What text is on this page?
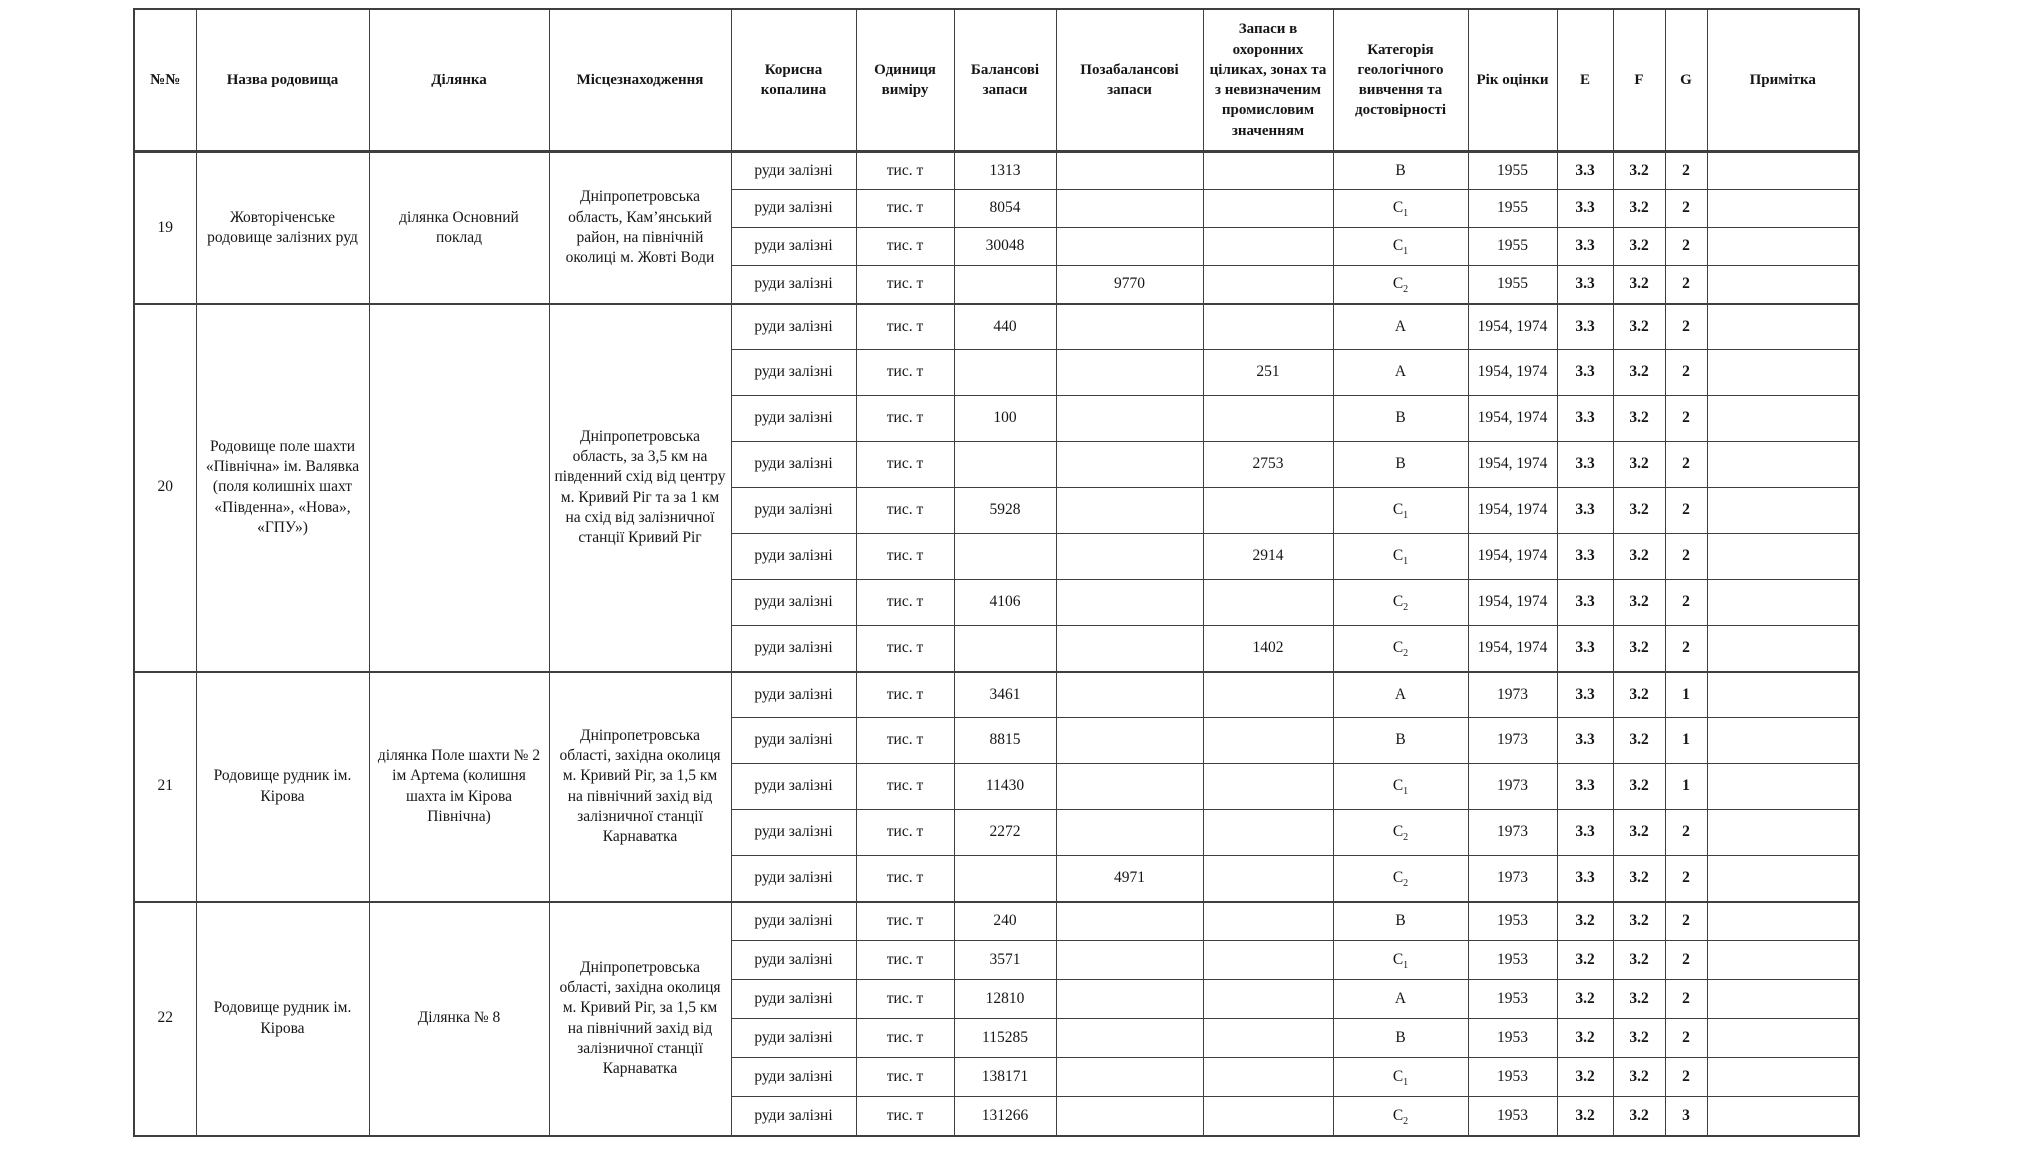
№№	Назва родовища	Ділянка	Місцезнаходження	Корисна копалина	Одиниця виміру	Балансові запаси	Позабалансові запаси	Запаси в охоронних ціликах, зонах та з невизначеним промисловим значенням	Категорія геологічного вивчення та достовірності	Рік оцінки	E	F	G	Примітка
19	Жовторіченське родовище залізних руд	ділянка Основний поклад	Дніпропетровська область, Кам’янський район, на північній околиці м. Жовті Води	руди залізні	тис. т	1313			B	1955	3.3	3.2	2	
				руди залізні	тис. т	8054			$C_1$	1955	3.3	3.2	2	
				руди залізні	тис. т	30048			$C_1$	1955	3.3	3.2	2	
				руди залізні	тис. т		9770		$C_2$	1955	3.3	3.2	2	
20	Родовище поле шахти «Північна» ім. Валявка (поля колишніх шахт «Південна», «Нова», «ГПУ»)		Дніпропетровська область, за 3,5 км на південний схід від центру м. Кривий Ріг та за 1 км на схід від залізничної станції Кривий Ріг	руди залізні	тис. т	440			A	1954, 1974	3.3	3.2	2	
				руди залізні	тис. т			251	A	1954, 1974	3.3	3.2	2	
				руди залізні	тис. т	100			B	1954, 1974	3.3	3.2	2	
				руди залізні	тис. т			2753	B	1954, 1974	3.3	3.2	2	
				руди залізні	тис. т	5928			$C_1$	1954, 1974	3.3	3.2	2	
				руди залізні	тис. т			2914	$C_1$	1954, 1974	3.3	3.2	2	
				руди залізні	тис. т	4106			$C_2$	1954, 1974	3.3	3.2	2	
				руди залізні	тис. т			1402	$C_2$	1954, 1974	3.3	3.2	2	
21	Родовище рудник ім. Кірова	ділянка Поле шахти № 2 ім Артема (колишня шахта ім Кірова Північна)	Дніпропетровська області, західна околиця м. Кривий Ріг, за 1,5 км на північний захід від залізничної станції Карнаватка	руди залізні	тис. т	3461			A	1973	3.3	3.2	1	
				руди залізні	тис. т	8815			B	1973	3.3	3.2	1	
				руди залізні	тис. т	11430			$C_1$	1973	3.3	3.2	1	
				руди залізні	тис. т	2272			$C_2$	1973	3.3	3.2	2	
				руди залізні	тис. т		4971		$C_2$	1973	3.3	3.2	2	
22	Родовище рудник ім. Кірова	Ділянка № 8	Дніпропетровська області, західна околиця м. Кривий Ріг, за 1,5 км на північний захід від залізничної станції Карнаватка	руди залізні	тис. т	240			B	1953	3.2	3.2	2	
				руди залізні	тис. т	3571			$C_1$	1953	3.2	3.2	2	
				руди залізні	тис. т	12810			A	1953	3.2	3.2	2	
				руди залізні	тис. т	115285			B	1953	3.2	3.2	2	
				руди залізні	тис. т	138171			$C_1$	1953	3.2	3.2	2	
				руди залізні	тис. т	131266			$C_2$	1953	3.2	3.2	3	
